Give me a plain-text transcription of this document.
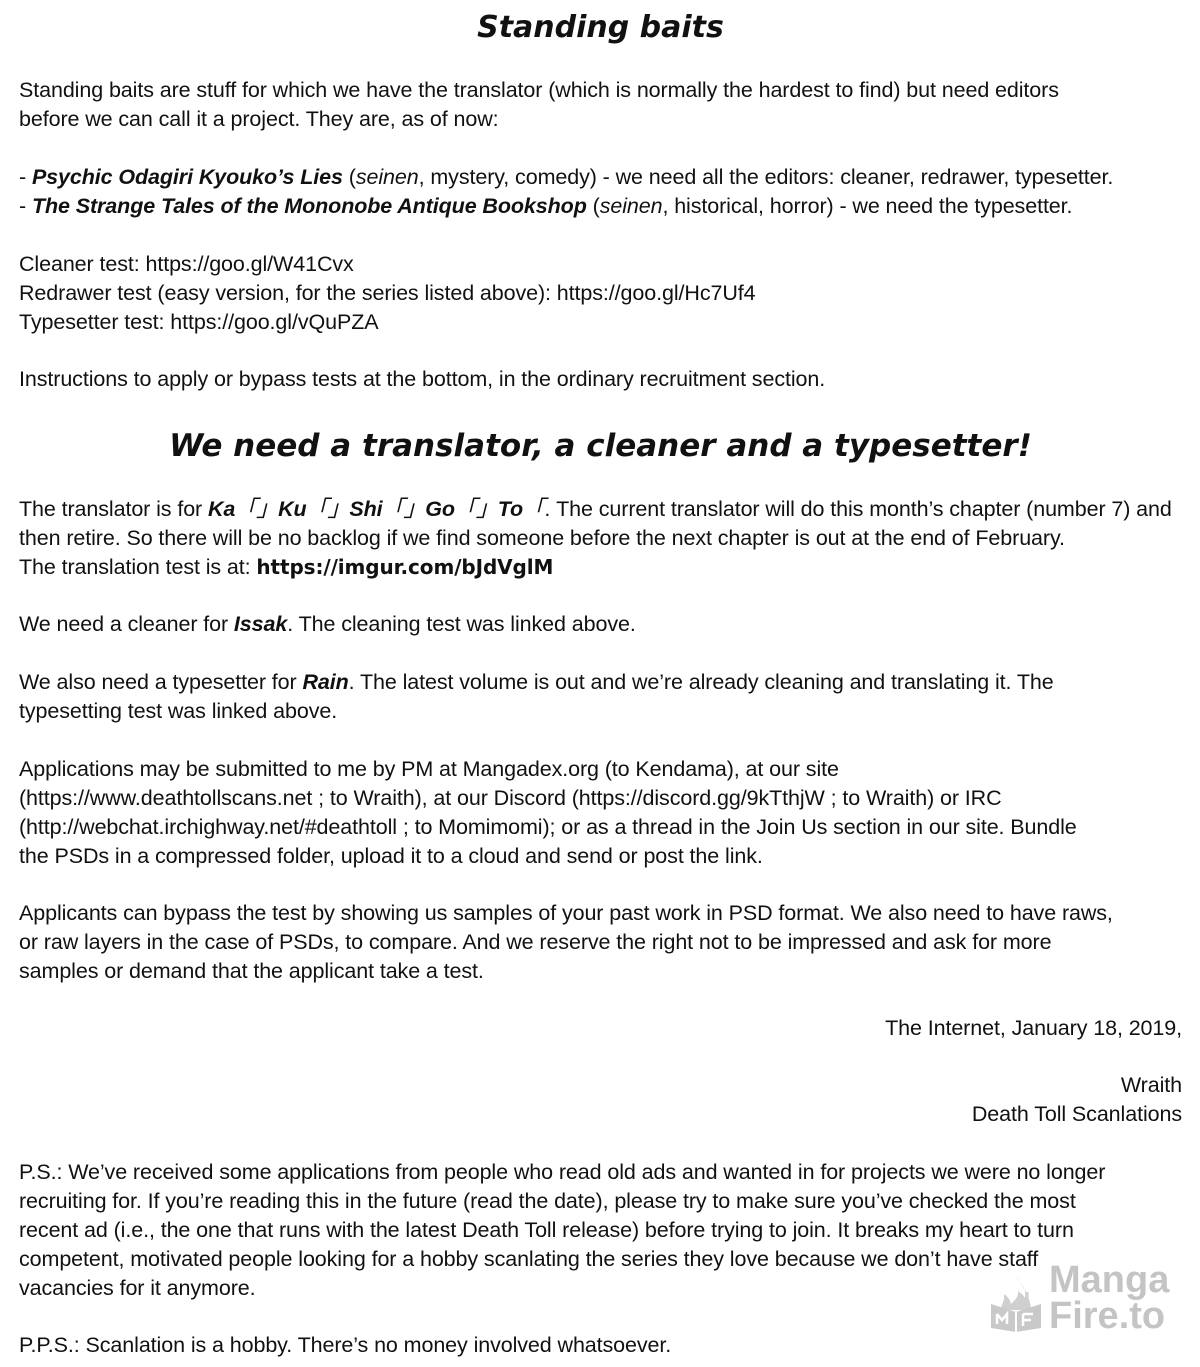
Standing baits
Standing baits are stuff for which we have the translator (which is normally the hardest to find) but need editors
before we can call it a project. They are, as of now:
- Psychic Odagiri Kyouko’s Lies (seinen, mystery, comedy) - we need all the editors: cleaner, redrawer, typesetter.
- The Strange Tales of the Mononobe Antique Bookshop (seinen, historical, horror) - we need the typesetter.
Cleaner test: https://goo.gl/W41Cvx
Redrawer test (easy version, for the series listed above): https://goo.gl/Hc7Uf4
Typesetter test: https://goo.gl/vQuPZA
Instructions to apply or bypass tests at the bottom, in the ordinary recruitment section.
We need a translator, a cleaner and a typesetter!
The translator is for Ka「」Ku「」Shi「」Go「」To「. The current translator will do this month’s chapter (number 7) and
then retire. So there will be no backlog if we find someone before the next chapter is out at the end of February.
The translation test is at: https://imgur.com/bJdVglM
We need a cleaner for Issak. The cleaning test was linked above.
We also need a typesetter for Rain. The latest volume is out and we’re already cleaning and translating it. The
typesetting test was linked above.
Applications may be submitted to me by PM at Mangadex.org (to Kendama), at our site
(https://www.deathtollscans.net ; to Wraith), at our Discord (https://discord.gg/9kTthjW ; to Wraith) or IRC
(http://webchat.irchighway.net/#deathtoll ; to Momimomi); or as a thread in the Join Us section in our site. Bundle
the PSDs in a compressed folder, upload it to a cloud and send or post the link.
Applicants can bypass the test by showing us samples of your past work in PSD format. We also need to have raws,
or raw layers in the case of PSDs, to compare. And we reserve the right not to be impressed and ask for more
samples or demand that the applicant take a test.
The Internet, January 18, 2019,
Wraith
Death Toll Scanlations
P.S.: We’ve received some applications from people who read old ads and wanted in for projects we were no longer
recruiting for. If you’re reading this in the future (read the date), please try to make sure you’ve checked the most
recent ad (i.e., the one that runs with the latest Death Toll release) before trying to join. It breaks my heart to turn
competent, motivated people looking for a hobby scanlating the series they love because we don’t have staff
vacancies for it anymore.
P.P.S.: Scanlation is a hobby. There’s no money involved whatsoever.
Manga
Fire.to
